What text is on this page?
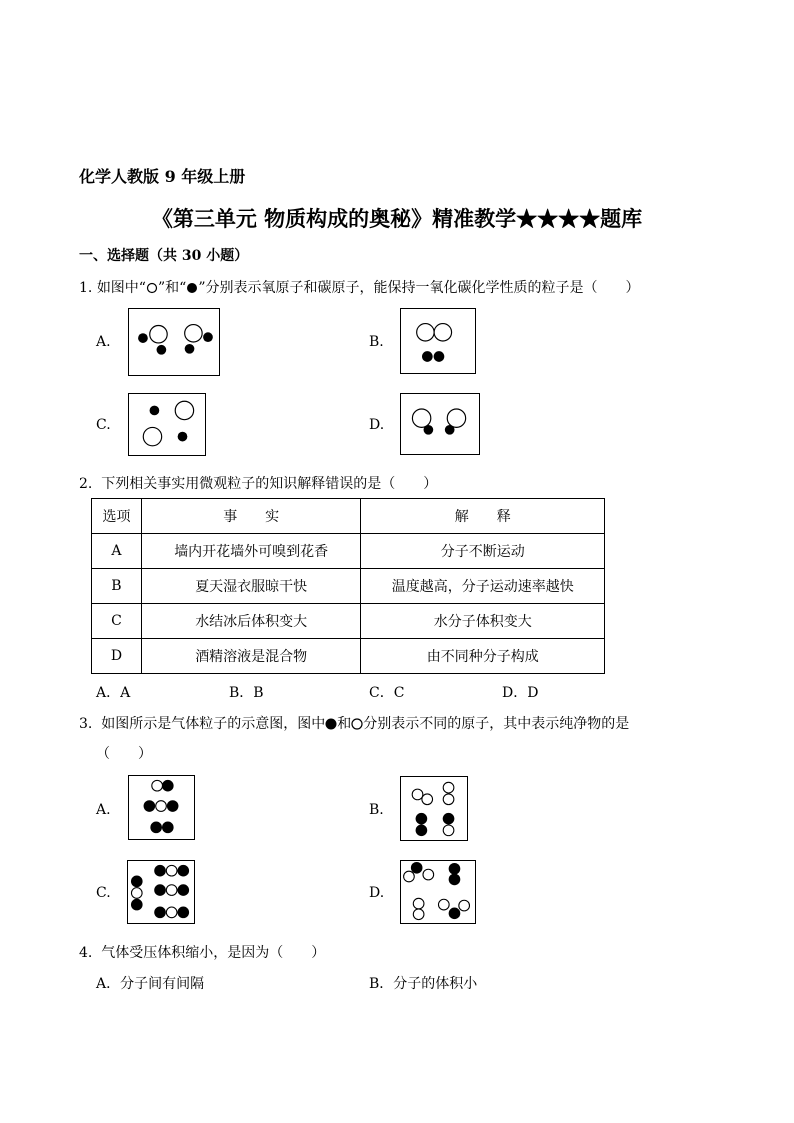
化学人教版 9 年级上册
《第三单元 物质构成的奥秘》精准教学★★★★题库
一、选择题（共 30 小题）
1. 如图中“ ”和“ ”分别表示氧原子和碳原子，能保持一氧化碳化学性质的粒子是（　　）
A.	B.
C.	D.
2. 下列相关事实用微观粒子的知识解释错误的是（　　）
选项	事　　实	解　　释
A	墙内开花墙外可嗅到花香	分子不断运动
B	夏天湿衣服晾干快	温度越高，分子运动速率越快
C	水结冰后体积变大	水分子体积变大
D	酒精溶液是混合物	由不同种分子构成
A．A	B．B	C．C	D．D
3. 如图所示是气体粒子的示意图，图中 和 分别表示不同的原子，其中表示纯净物的是
（　　）
A.	B.
C.	D.
4. 气体受压体积缩小，是因为（　　）
A．分子间有间隔	B．分子的体积小
